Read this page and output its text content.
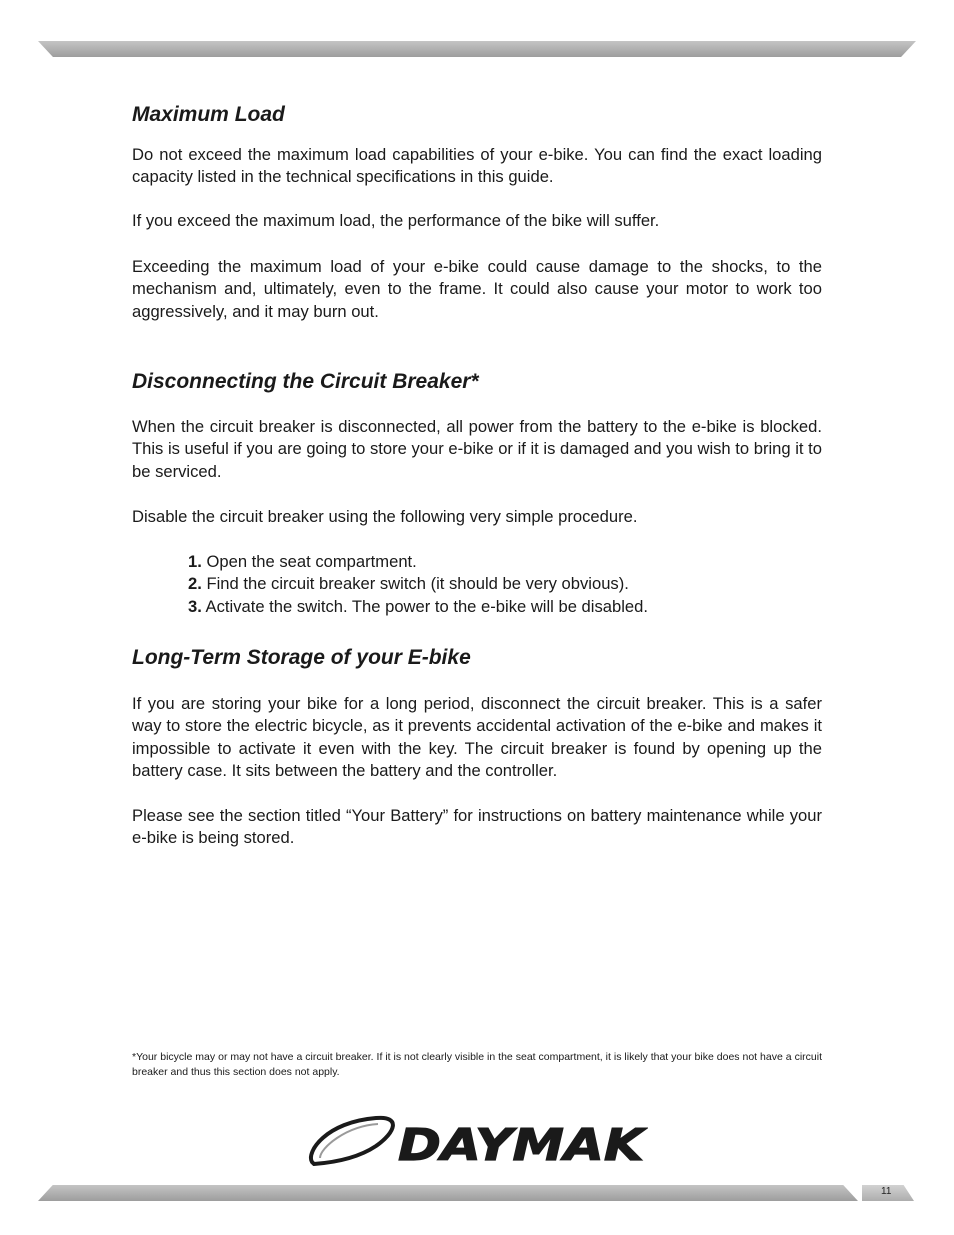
Maximum Load

Do not exceed the maximum load capabilities of your e-bike. You can find the exact loading capacity listed in the technical specifications in this guide.

If you exceed the maximum load, the performance of the bike will suffer.

Exceeding the maximum load of your e-bike could cause damage to the shocks, to the mechanism and, ultimately, even to the frame. It could also cause your motor to work too aggressively, and it may burn out.

Disconnecting the Circuit Breaker*

When the circuit breaker is disconnected, all power from the battery to the e-bike is blocked. This is useful if you are going to store your e-bike or if it is damaged and you wish to bring it to be serviced.

Disable the circuit breaker using the following very simple procedure.

1. Open the seat compartment.
2. Find the circuit breaker switch (it should be very obvious).
3. Activate the switch. The power to the e-bike will be disabled.
Long-Term Storage of your E-bike

If you are storing your bike for a long period, disconnect the circuit breaker. This is a safer way to store the electric bicycle, as it prevents accidental activation of the e-bike and makes it impossible to activate it even with the key. The circuit breaker is found by opening up the battery case. It sits between the battery and the controller.

Please see the section titled “Your Battery” for instructions on battery maintenance while your e-bike is being stored.

*Your bicycle may or may not have a circuit breaker. If it is not clearly visible in the seat compartment, it is likely that your bike does not have a circuit breaker and thus this section does not apply.

DAYMAK
11
